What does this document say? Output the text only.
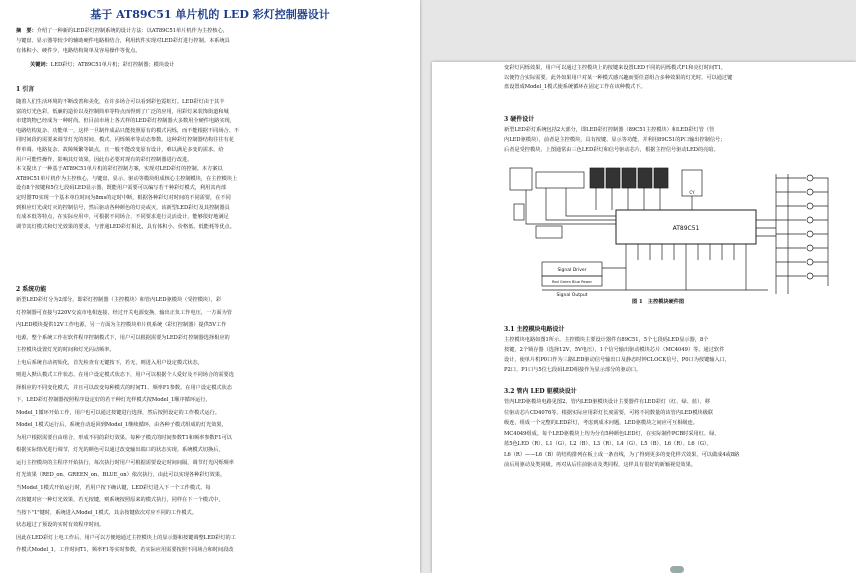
基于 AT89C51 单片机的 LED 彩灯控制器设计
摘　要：介绍了一种新的LED彩灯控制系统的设计方法：以AT89C51单片机作为主控核心，
与键盘、显示器等较少的辅助硬件电路相结合，利用软件实现对LED彩灯进行控制。本系统具
有体积小、硬件少、电路结构简单及容易操作等优点。
关键词：LED彩灯；AT89C51单片机；彩灯控制器；模块设计
1 引言
2 系统功能
随着人们生活环境的不断改善和美化，在许多场合可以看到彩色霓虹灯。LED彩灯由于其丰
富的灯光色彩，低廉的造价以及控制简单等特点而得到了广泛的应用，用彩灯来装饰街道和城
市建筑物已经成为一种时尚。但目前市场上各式样的LED彩灯控制器大多数用全硬件电路实现，
电路结构复杂、功能单一，这样一旦制作成品只能按照原有的模式闪烁，而不能根据不同场合、不
同时间段的需要来调节灯光的时间、模式、闪烁频率等动态参数。这种彩灯控制器结构往往有花
样单调、电路复杂、故障频繁等缺点，且一般不能改变原有设计，难以满足多变的需求，给
用户可能性操作，影响其灯效果。因此有必要对现有的彩灯控制器进行改进。
本文提出了一种基于AT89C51单片机的彩灯控制方案，实现对LED彩灯的控制。本方案以
AT89C51单片机作为主控核心，与键盘、显示、驱动等模块组成核心主控制模块，在主控模块上
设有8个按键和5位七段码LED显示器，既能用户需要可以编写若干种彩灯模式，利用其内部
定时器T0实现一个基本单位时间为8ms的定时中断，根据各种彩灯对时间的不同需要，在不同
到相应灯光或灯灭的控制信号，然后驱动各种颜色的灯亮或灭，该新型LED彩灯及其控制器具
有成本低等特点，在实际应用中，可根据不同场合、不同要求进行灵活设计，能够很好地满足
调节其灯模式和灯光效果的要求，与普通LED彩灯相比，具有体积小、价格低、低能耗等优点。
新型LED彩灯分为2部分，即彩灯控制器（主控模块）和管内LED驱模块（受控模块），彩
灯控制器可直接与220V交流市电相连接，经过开关电源变换，输出正负工作电压，一方面为管
内LED模块提供12V工作电源，另一方面为主控模块单片机系统（彩灯控制器）提供5V工作
电源。整个系统工作在软件程序控制模式下，用户可以根据需要为LED彩灯控制器选择相应的
主控模块设置灯光的时间和灯光闪动频率。
上电后系统自动初始化，首先检查有无键按下，若无，则进入用户设定模式状态，
则进入默认模式工作状态。在用户设定模式状态下，用户可以根据个人爱好及不同场合的需要选
择相应的不同变化模式，并且可以改变每种模式的时间T1、频率F1参数。在用户设定模式状态
下，LED彩灯控制器按照程序设定好的若干种灯光样模式按Model_1顺序循环运行，
Model_1循环开始工作，用户也可以通过按键进行选择，然后按照设定的工作模式运行。
Model_1模式运行后，系统自动返回到Model_1继续循环，由各种子模式组成的灯光效果，
为用户根据需要自由组合，形成不同的彩灯效果。每种子模式的时间参数T1和频率参数F1可以
根据实际情况进行调节，灯光的颜色可以通过改变输出端口的状态实现。系统模式切换后，
运行主控模块的主程序开始执行，每次执行时用户可根据需要设定时间间隔，调节灯光闪烁频率
灯光效果（RED_on、GREEN_on、BLUE_on）依次执行，由此可以实现各种彩灯效果。
当Model_1模式开始运行时，若用户按下确认键，LED彩灯进入下一个工作模式。每
次按键对应一种灯光效果，若无按键，则系统按照原来的模式执行，同样在下一个模式中，
当按下"1"键时，系统进入Model_1模式，其余按键依次对应不同的工作模式。
状态超过了预设的实时有效程序时间。
因此在LED彩灯上电工作后，用户可以方便地通过主控模块上的显示器和按键调整LED彩灯的工
作模式Model_1，工作时间T1，频率F1等实时参数，若实际应用需要按照不同场合和时间段改
3 硬件设计
AT89C51
CY
Signal Driver
Red Green Blue Power
Signal Output
图 1　主控模块硬件图
3.1 主控模块电路设计
3.2 管内 LED 驱模块设计
变彩灯闪烁效果，用户可以通过主控模块上的按键来设置LED不同的闪烁模式F1和亮灯时间T1，
以便符合实际需要。此外如果用户对某一种模式感兴趣而要任意组合多种效果的灯光时，可以通过键
盘设置成Model_1模式使系统循环在固定工作在该种模式下。
新型LED彩灯系统包括2大部分，即LED彩灯控制器（89C51主控模块）和LED彩灯管（管
内LED驱模块），前者是主控模块，具有按键、显示等功能，并利用89C51的P口输出控制信号；
后者是受控模块，上图通常由三色LED彩灯和信号驱动芯片，根据主控信号驱动LED的亮暗。
主控模块电路如图1所示。主控模块主要设计器件有89C51，5个七段码LED显示器，8个
按键，2个锁存器（选择12V，5V电压），1个信号输出驱动模块芯片（MC4049）等。通过软件
设计，使单片机P0口作为三路LED驱动信号输出口及静态时钟CLOCK信号，P0口为按键输入口，
P2口、P1口与5位七段码LED相接作为显示部分的驱动口。
管内LED驱模块电路见图2。管内LED驱模块设计主要器件有LED彩灯（红、绿、蓝）、移
位驱动芯片CD4076等。根据实际应用彩灯长度需要，可将不同数量的该管内LED模块级联
级连，组成一个完整的LED彩灯，考虑到成本问题，LED驱模块之间应可互相级连。
MC4049组成。每个LED驱模块上均为分有5种颜色LED灯，在实际制作PCB时采用红、绿、
蓝5色LED（R）、L1（G）、L2（B）、L3（R）、L4（G）、L5（B）、L6（R）、L6（G）、
L6（R）——L6（B）的结构排列在板上成一条直线，为了得到更多的变化样式效果，可以做成4或8路
前后用驱动及类同级。再对从后往前驱动及类同程，这样具有很好的新颖视觉效果。
